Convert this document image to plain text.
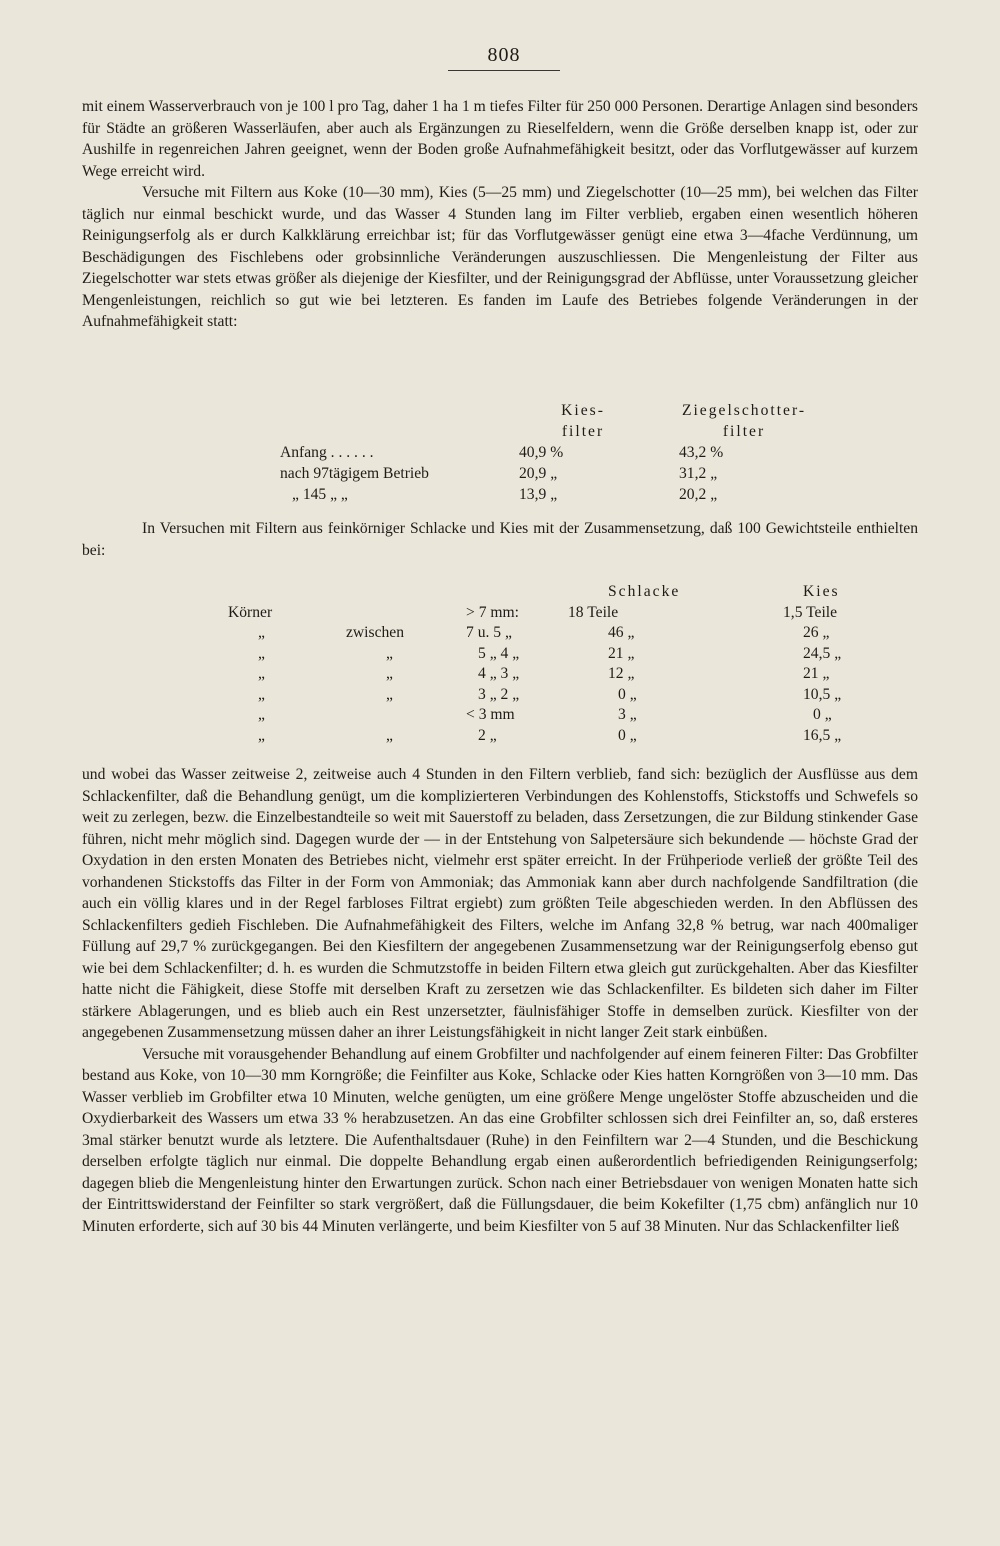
808

mit einem Wasserverbrauch von je 100 l pro Tag, daher 1 ha 1 m tiefes Filter für 250 000 Personen. Derartige Anlagen sind besonders für Städte an größeren Wasserläufen, aber auch als Ergänzungen zu Rieselfeldern, wenn die Größe derselben knapp ist, oder zur Aushilfe in regenreichen Jahren geeignet, wenn der Boden große Aufnahmefähigkeit besitzt, oder das Vorflutgewässer auf kurzem Wege erreicht wird.

Versuche mit Filtern aus Koke (10—30 mm), Kies (5—25 mm) und Ziegelschotter (10—25 mm), bei welchen das Filter täglich nur einmal beschickt wurde, und das Wasser 4 Stunden lang im Filter verblieb, ergaben einen wesentlich höheren Reinigungserfolg als er durch Kalkklärung erreichbar ist; für das Vorflutgewässer genügt eine etwa 3—4fache Verdünnung, um Beschädigungen des Fischlebens oder grobsinnliche Veränderungen auszuschliessen. Die Mengenleistung der Filter aus Ziegelschotter war stets etwas größer als diejenige der Kiesfilter, und der Reinigungsgrad der Abflüsse, unter Voraussetzung gleicher Mengenleistungen, reichlich so gut wie bei letzteren. Es fanden im Laufe des Betriebes folgende Veränderungen in der Aufnahmefähigkeit statt:

	Kies-	Ziegelschotter-
	filter	filter
Anfang . . . . . .	40,9 %	43,2 %
nach 97tägigem Betrieb	20,9 „	31,2 „
„ 145 „ „	13,9 „	20,2 „
In Versuchen mit Filtern aus feinkörniger Schlacke und Kies mit der Zusammensetzung, daß 100 Gewichtsteile enthielten bei:
			Schlacke	Kies
Körner		> 7 mm:	18 Teile	1,5 Teile
„	zwischen	7 u. 5 „	46 „	26 „
„	„	5 „ 4 „	21 „	24,5 „
„	„	4 „ 3 „	12 „	21 „
„	„	3 „ 2 „	0 „	10,5 „
„		< 3 mm	3 „	0 „
„	„	2 „	0 „	16,5 „

und wobei das Wasser zeitweise 2, zeitweise auch 4 Stunden in den Filtern verblieb, fand sich: bezüglich der Ausflüsse aus dem Schlackenfilter, daß die Behandlung genügt, um die komplizierteren Verbindungen des Kohlenstoffs, Stickstoffs und Schwefels so weit zu zerlegen, bezw. die Einzelbestandteile so weit mit Sauerstoff zu beladen, dass Zersetzungen, die zur Bildung stinkender Gase führen, nicht mehr möglich sind. Dagegen wurde der — in der Entstehung von Salpetersäure sich bekundende — höchste Grad der Oxydation in den ersten Monaten des Betriebes nicht, vielmehr erst später erreicht. In der Frühperiode verließ der größte Teil des vorhandenen Stickstoffs das Filter in der Form von Ammoniak; das Ammoniak kann aber durch nachfolgende Sandfiltration (die auch ein völlig klares und in der Regel farbloses Filtrat ergiebt) zum größten Teile abgeschieden werden. In den Abflüssen des Schlackenfilters gedieh Fischleben. Die Aufnahmefähigkeit des Filters, welche im Anfang 32,8 % betrug, war nach 400maliger Füllung auf 29,7 % zurückgegangen. Bei den Kiesfiltern der angegebenen Zusammensetzung war der Reinigungserfolg ebenso gut wie bei dem Schlackenfilter; d. h. es wurden die Schmutzstoffe in beiden Filtern etwa gleich gut zurückgehalten. Aber das Kiesfilter hatte nicht die Fähigkeit, diese Stoffe mit derselben Kraft zu zersetzen wie das Schlackenfilter. Es bildeten sich daher im Filter stärkere Ablagerungen, und es blieb auch ein Rest unzersetzter, fäulnisfähiger Stoffe in demselben zurück. Kiesfilter von der angegebenen Zusammensetzung müssen daher an ihrer Leistungsfähigkeit in nicht langer Zeit stark einbüßen.

Versuche mit vorausgehender Behandlung auf einem Grobfilter und nachfolgender auf einem feineren Filter: Das Grobfilter bestand aus Koke, von 10—30 mm Korngröße; die Feinfilter aus Koke, Schlacke oder Kies hatten Korngrößen von 3—10 mm. Das Wasser verblieb im Grobfilter etwa 10 Minuten, welche genügten, um eine größere Menge ungelöster Stoffe abzuscheiden und die Oxydierbarkeit des Wassers um etwa 33 % herabzusetzen. An das eine Grobfilter schlossen sich drei Feinfilter an, so, daß ersteres 3mal stärker benutzt wurde als letztere. Die Aufenthaltsdauer (Ruhe) in den Feinfiltern war 2—4 Stunden, und die Beschickung derselben erfolgte täglich nur einmal. Die doppelte Behandlung ergab einen außerordentlich befriedigenden Reinigungserfolg; dagegen blieb die Mengenleistung hinter den Erwartungen zurück. Schon nach einer Betriebsdauer von wenigen Monaten hatte sich der Eintrittswiderstand der Feinfilter so stark vergrößert, daß die Füllungsdauer, die beim Kokefilter (1,75 cbm) anfänglich nur 10 Minuten erforderte, sich auf 30 bis 44 Minuten verlängerte, und beim Kiesfilter von 5 auf 38 Minuten. Nur das Schlackenfilter ließ
